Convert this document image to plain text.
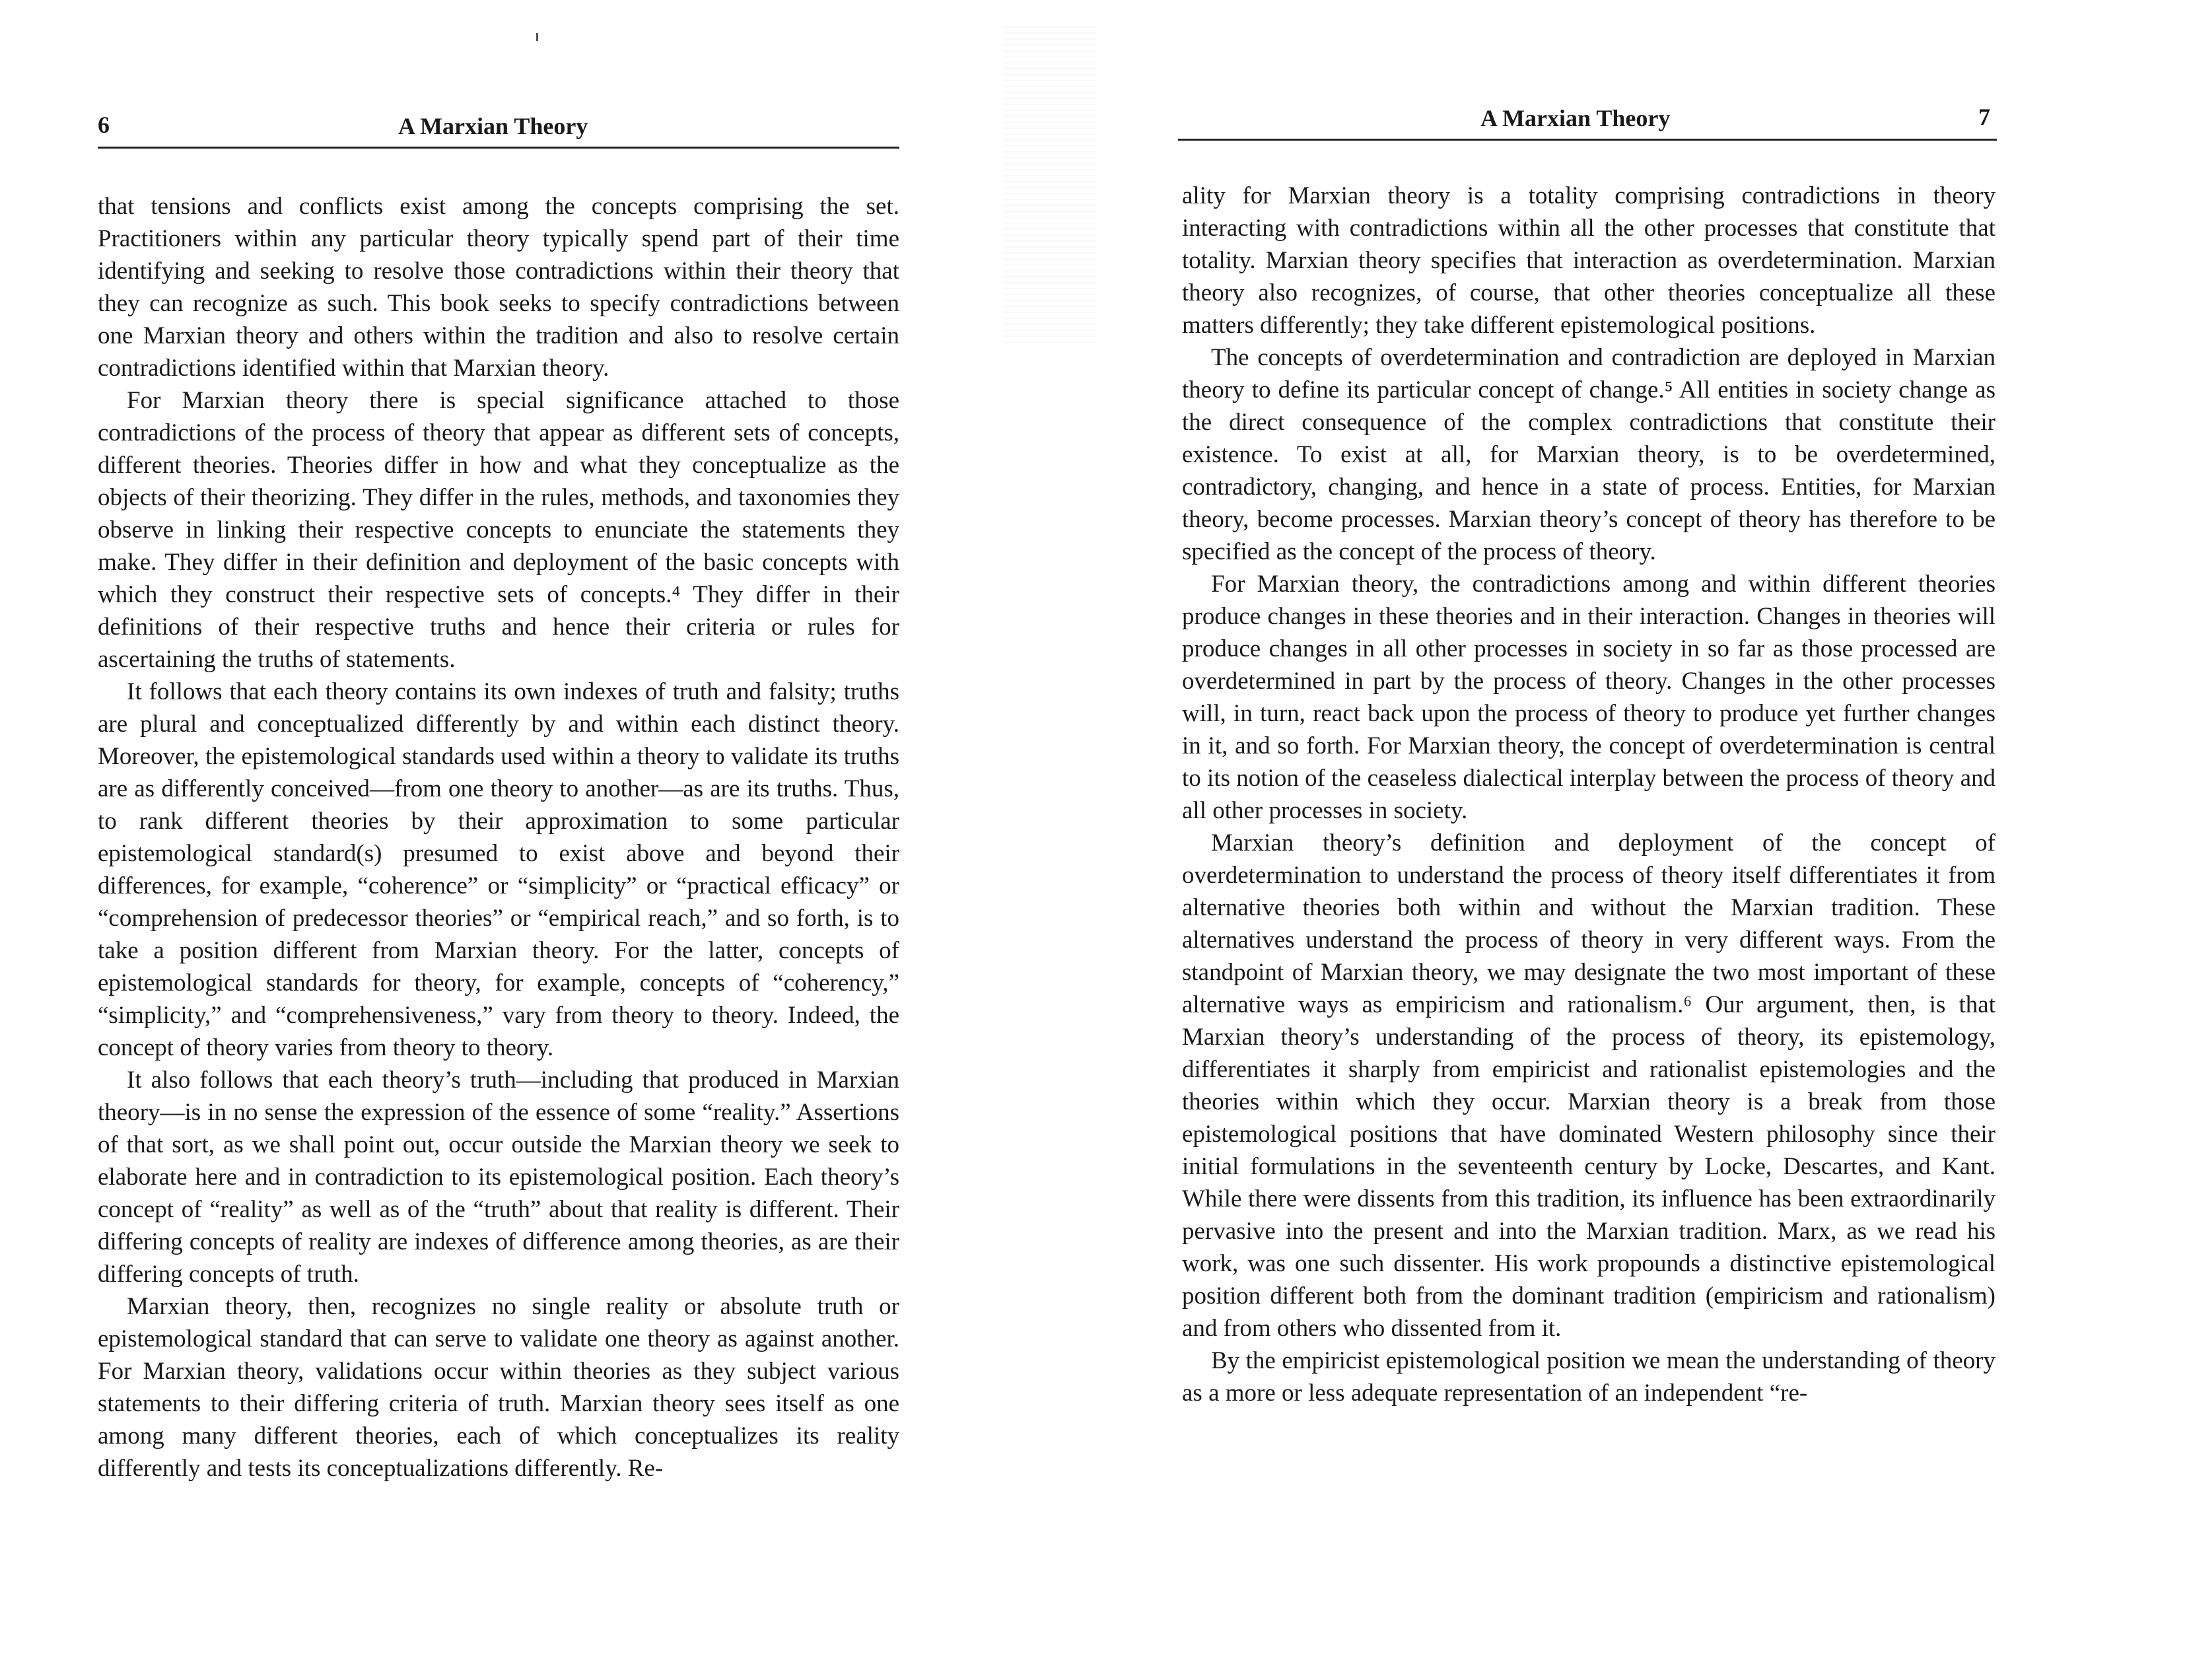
6	A Marxian Theory

that tensions and conflicts exist among the concepts comprising the set. Practitioners within any particular theory typically spend part of their time identifying and seeking to resolve those contradictions within their theory that they can recognize as such. This book seeks to specify contradictions between one Marxian theory and others within the tradition and also to resolve certain contradictions identified within that Marxian theory.

For Marxian theory there is special significance attached to those contradictions of the process of theory that appear as different sets of concepts, different theories. Theories differ in how and what they conceptualize as the objects of their theorizing. They differ in the rules, methods, and taxonomies they observe in linking their respective concepts to enunciate the statements they make. They differ in their definition and deployment of the basic concepts with which they construct their respective sets of concepts.⁴ They differ in their definitions of their respective truths and hence their criteria or rules for ascertaining the truths of statements.

It follows that each theory contains its own indexes of truth and falsity; truths are plural and conceptualized differently by and within each distinct theory. Moreover, the epistemological standards used within a theory to validate its truths are as differently conceived—from one theory to another—as are its truths. Thus, to rank different theories by their approximation to some particular epistemological standard(s) presumed to exist above and beyond their differences, for example, “coherence” or “simplicity” or “practical efficacy” or “comprehension of predecessor theories” or “empirical reach,” and so forth, is to take a position different from Marxian theory. For the latter, concepts of epistemological standards for theory, for example, concepts of “coherency,” “simplicity,” and “comprehensiveness,” vary from theory to theory. Indeed, the concept of theory varies from theory to theory.

It also follows that each theory’s truth—including that produced in Marxian theory—is in no sense the expression of the essence of some “reality.” Assertions of that sort, as we shall point out, occur outside the Marxian theory we seek to elaborate here and in contradiction to its epistemological position. Each theory’s concept of “reality” as well as of the “truth” about that reality is different. Their differing concepts of reality are indexes of difference among theories, as are their differing concepts of truth.

Marxian theory, then, recognizes no single reality or absolute truth or epistemological standard that can serve to validate one theory as against another. For Marxian theory, validations occur within theories as they subject various statements to their differing criteria of truth. Marxian theory sees itself as one among many different theories, each of which conceptualizes its reality differently and tests its conceptualizations differently. Re-

A Marxian Theory	7

ality for Marxian theory is a totality comprising contradictions in theory interacting with contradictions within all the other processes that constitute that totality. Marxian theory specifies that interaction as overdetermination. Marxian theory also recognizes, of course, that other theories conceptualize all these matters differently; they take different epistemological positions.

The concepts of overdetermination and contradiction are deployed in Marxian theory to define its particular concept of change.⁵ All entities in society change as the direct consequence of the complex contradictions that constitute their existence. To exist at all, for Marxian theory, is to be overdetermined, contradictory, changing, and hence in a state of process. Entities, for Marxian theory, become processes. Marxian theory’s concept of theory has therefore to be specified as the concept of the process of theory.

For Marxian theory, the contradictions among and within different theories produce changes in these theories and in their interaction. Changes in theories will produce changes in all other processes in society in so far as those processed are overdetermined in part by the process of theory. Changes in the other processes will, in turn, react back upon the process of theory to produce yet further changes in it, and so forth. For Marxian theory, the concept of overdetermination is central to its notion of the ceaseless dialectical interplay between the process of theory and all other processes in society.

Marxian theory’s definition and deployment of the concept of overdetermination to understand the process of theory itself differentiates it from alternative theories both within and without the Marxian tradition. These alternatives understand the process of theory in very different ways. From the standpoint of Marxian theory, we may designate the two most important of these alternative ways as empiricism and rationalism.⁶ Our argument, then, is that Marxian theory’s understanding of the process of theory, its epistemology, differentiates it sharply from empiricist and rationalist epistemologies and the theories within which they occur. Marxian theory is a break from those epistemological positions that have dominated Western philosophy since their initial formulations in the seventeenth century by Locke, Descartes, and Kant. While there were dissents from this tradition, its influence has been extraordinarily pervasive into the present and into the Marxian tradition. Marx, as we read his work, was one such dissenter. His work propounds a distinctive epistemological position different both from the dominant tradition (empiricism and rationalism) and from others who dissented from it.

By the empiricist epistemological position we mean the understanding of theory as a more or less adequate representation of an independent “re-
